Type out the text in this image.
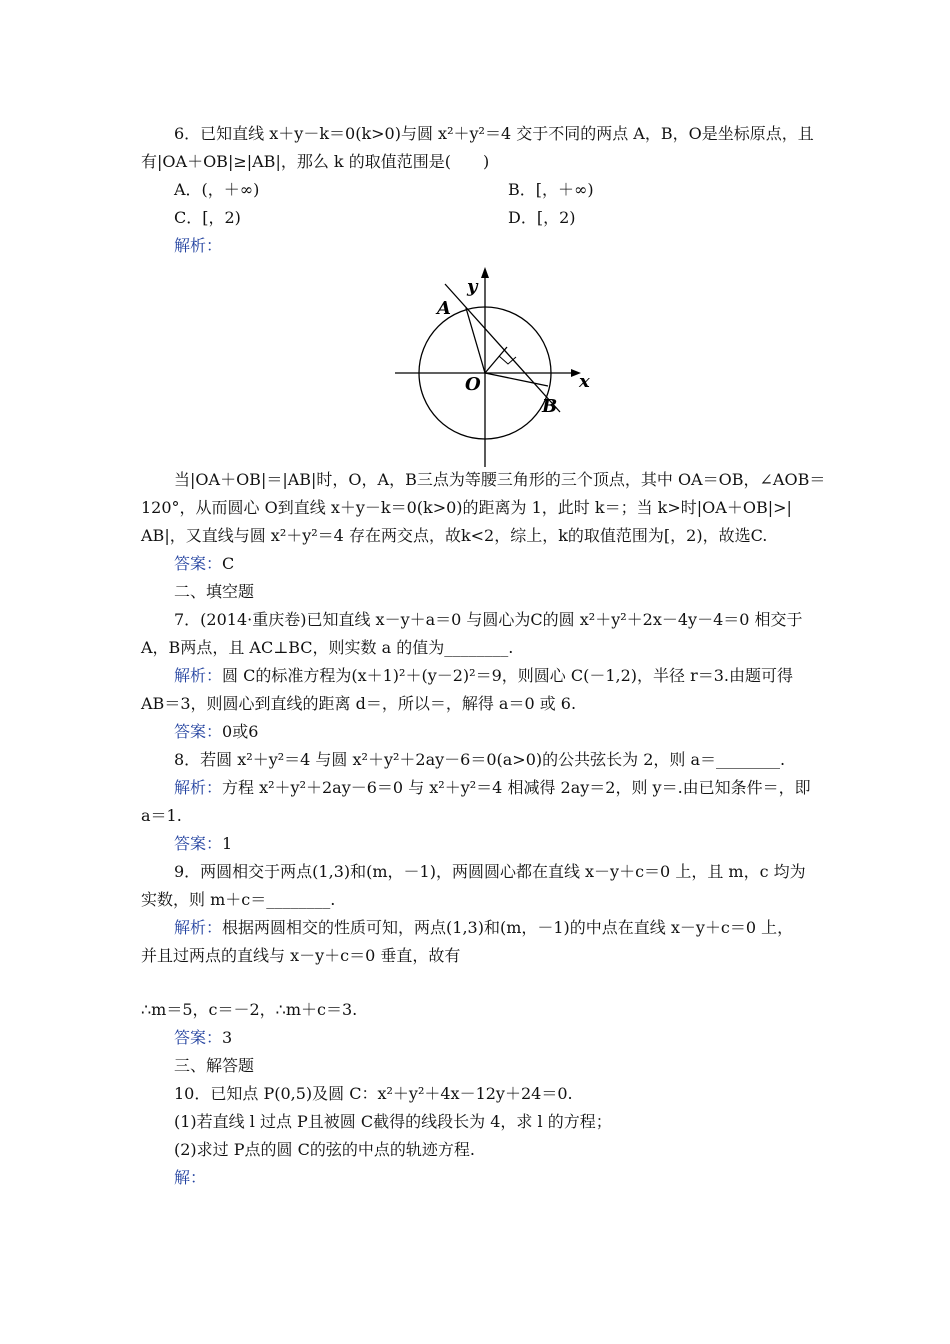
6．已知直线 x＋y－k＝0(k>0)与圆 x²＋y²＝4 交于不同的两点 A，B，O是坐标原点，且
有|OA＋OB|≥|AB|，那么 k 的取值范围是(　　)
A．(，＋∞)	B．[，＋∞)
C．[，2)	D．[，2)
解析：
y
x
A
B
O
当|OA＋OB|＝|AB|时，O，A，B三点为等腰三角形的三个顶点，其中 OA＝OB，∠AOB＝
120°，从而圆心 O到直线 x＋y－k＝0(k>0)的距离为 1，此时 k＝；当 k>时|OA＋OB|>|
AB|，又直线与圆 x²＋y²＝4 存在两交点，故k<2，综上，k的取值范围为[，2)，故选C.
答案：C
二、填空题
7．(2014·重庆卷)已知直线 x－y＋a＝0 与圆心为C的圆 x²＋y²＋2x－4y－4＝0 相交于
A，B两点，且 AC⊥BC，则实数 a 的值为________.
解析：圆 C的标准方程为(x＋1)²＋(y－2)²＝9，则圆心 C(－1,2)，半径 r＝3.由题可得
AB＝3，则圆心到直线的距离 d＝，所以＝，解得 a＝0 或 6.
答案：0或6
8．若圆 x²＋y²＝4 与圆 x²＋y²＋2ay－6＝0(a>0)的公共弦长为 2，则 a＝________.
解析：方程 x²＋y²＋2ay－6＝0 与 x²＋y²＝4 相减得 2ay＝2，则 y＝.由已知条件＝，即
a＝1.
答案：1
9．两圆相交于两点(1,3)和(m，－1)，两圆圆心都在直线 x－y＋c＝0 上，且 m，c 均为
实数，则 m＋c＝________.
解析：根据两圆相交的性质可知，两点(1,3)和(m，－1)的中点在直线 x－y＋c＝0 上，
并且过两点的直线与 x－y＋c＝0 垂直，故有
∴m＝5，c＝－2，∴m＋c＝3.
答案：3
三、解答题
10．已知点 P(0,5)及圆 C：x²＋y²＋4x－12y＋24＝0.
(1)若直线 l 过点 P且被圆 C截得的线段长为 4，求 l 的方程；
(2)求过 P点的圆 C的弦的中点的轨迹方程.
解：
